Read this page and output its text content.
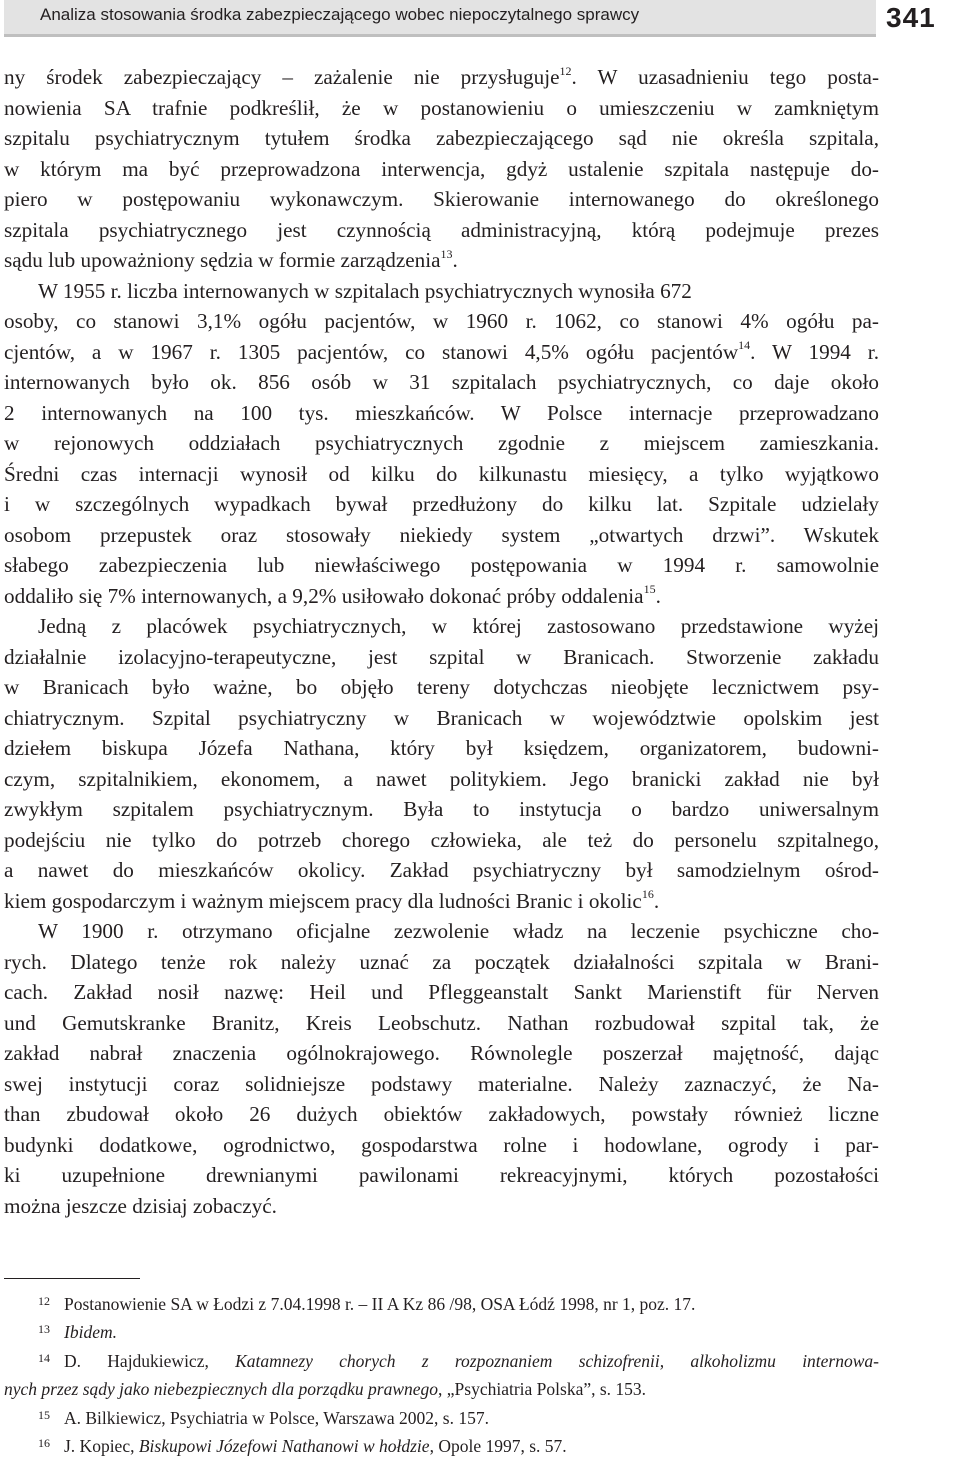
Analiza stosowania środka zabezpieczającego wobec niepoczytalnego sprawcy	341
ny środek zabezpieczający – zażalenie nie przysługuje$^{12}$. W uzasadnieniu tego posta-
nowienia SA trafnie podkreślił, że w postanowieniu o umieszczeniu w zamkniętym
szpitalu psychiatrycznym tytułem środka zabezpieczającego sąd nie określa szpitala,
w którym ma być przeprowadzona interwencja, gdyż ustalenie szpitala następuje do-
piero w postępowaniu wykonawczym. Skierowanie internowanego do określonego
szpitala psychiatrycznego jest czynnością administracyjną, którą podejmuje prezes
sądu lub upoważniony sędzia w formie zarządzenia$^{13}$.
W 1955 r. liczba internowanych w szpitalach psychiatrycznych wynosiła 672
osoby, co stanowi 3,1% ogółu pacjentów, w 1960 r. 1062, co stanowi 4% ogółu pa-
cjentów, a w 1967 r. 1305 pacjentów, co stanowi 4,5% ogółu pacjentów$^{14}$. W 1994 r.
internowanych było ok. 856 osób w 31 szpitalach psychiatrycznych, co daje około
2 internowanych na 100 tys. mieszkańców. W Polsce internacje przeprowadzano
w rejonowych oddziałach psychiatrycznych zgodnie z miejscem zamieszkania.
Średni czas internacji wynosił od kilku do kilkunastu miesięcy, a tylko wyjątkowo
i w szczególnych wypadkach bywał przedłużony do kilku lat. Szpitale udzielały
osobom przepustek oraz stosowały niekiedy system „otwartych drzwi”. Wskutek
słabego zabezpieczenia lub niewłaściwego postępowania w 1994 r. samowolnie
oddaliło się 7% internowanych, a 9,2% usiłowało dokonać próby oddalenia$^{15}$.
Jedną z placówek psychiatrycznych, w której zastosowano przedstawione wyżej
działalnie izolacyjno-terapeutyczne, jest szpital w Branicach. Stworzenie zakładu
w Branicach było ważne, bo objęło tereny dotychczas nieobjęte lecznictwem psy-
chiatrycznym. Szpital psychiatryczny w Branicach w województwie opolskim jest
dziełem biskupa Józefa Nathana, który był księdzem, organizatorem, budowni-
czym, szpitalnikiem, ekonomem, a nawet politykiem. Jego branicki zakład nie był
zwykłym szpitalem psychiatrycznym. Była to instytucja o bardzo uniwersalnym
podejściu nie tylko do potrzeb chorego człowieka, ale też do personelu szpitalnego,
a nawet do mieszkańców okolicy. Zakład psychiatryczny był samodzielnym ośrod-
kiem gospodarczym i ważnym miejscem pracy dla ludności Branic i okolic$^{16}$.
W 1900 r. otrzymano oficjalne zezwolenie władz na leczenie psychiczne cho-
rych. Dlatego tenże rok należy uznać za początek działalności szpitala w Brani-
cach. Zakład nosił nazwę: Heil und Pfleggeanstalt Sankt Marienstift für Nerven
und Gemutskranke Branitz, Kreis Leobschutz. Nathan rozbudował szpital tak, że
zakład nabrał znaczenia ogólnokrajowego. Równolegle poszerzał majętność, dając
swej instytucji coraz solidniejsze podstawy materialne. Należy zaznaczyć, że Na-
than zbudował około 26 dużych obiektów zakładowych, powstały również liczne
budynki dodatkowe, ogrodnictwo, gospodarstwa rolne i hodowlane, ogrody i par-
ki uzupełnione drewnianymi pawilonami rekreacyjnymi, których pozostałości
można jeszcze dzisiaj zobaczyć.
12 Postanowienie SA w Łodzi z 7.04.1998 r. – II A Kz 86 /98, OSA Łódź 1998, nr 1, poz. 17.
13 Ibidem.
14 D. Hajdukiewicz, Katamnezy chorych z rozpoznaniem schizofrenii, alkoholizmu internowa-
nych przez sądy jako niebezpiecznych dla porządku prawnego, „Psychiatria Polska”, s. 153.
15 A. Bilkiewicz, Psychiatria w Polsce, Warszawa 2002, s. 157.
16 J. Kopiec, Biskupowi Józefowi Nathanowi w hołdzie, Opole 1997, s. 57.
